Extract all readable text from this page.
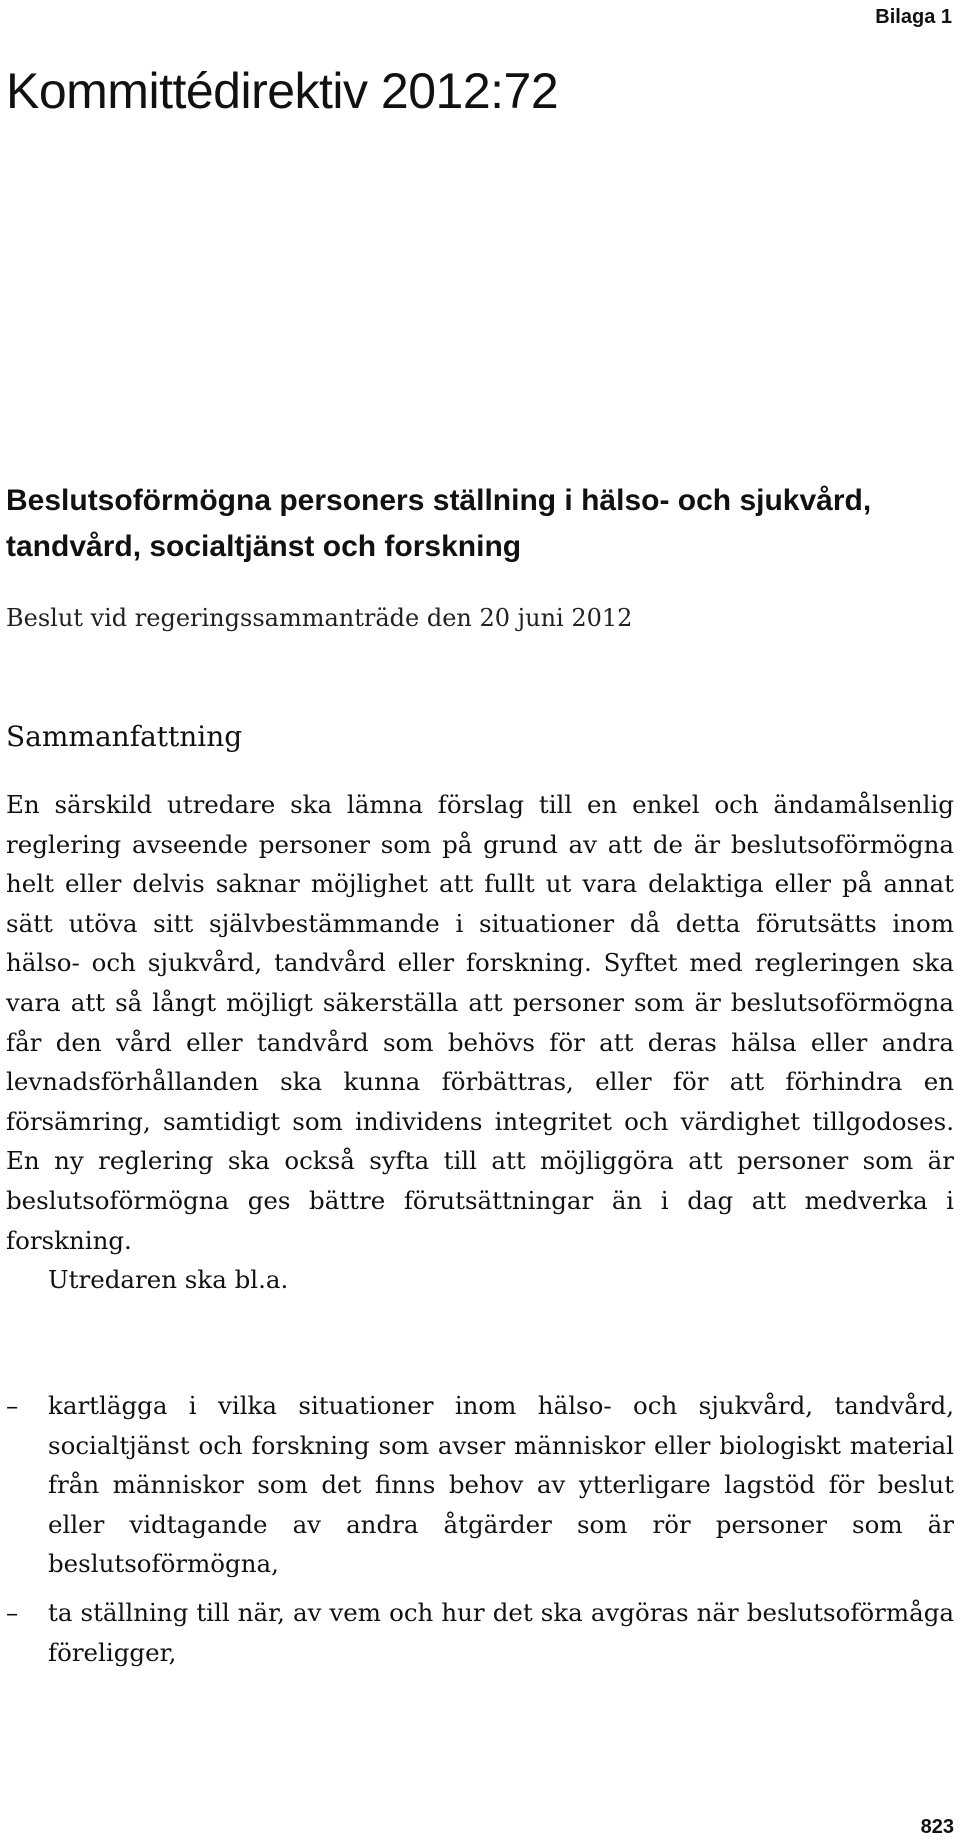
Bilaga 1
Kommittédirektiv 2012:72
Beslutsoförmögna personers ställning i hälso- och sjukvård, tandvård, socialtjänst och forskning

Beslut vid regeringssammanträde den 20 juni 2012

Sammanfattning

En särskild utredare ska lämna förslag till en enkel och ändamålsenlig reglering avseende personer som på grund av att de är beslutsoförmögna helt eller delvis saknar möjlighet att fullt ut vara delaktiga eller på annat sätt utöva sitt självbestämmande i situationer då detta förutsätts inom hälso- och sjukvård, tandvård eller forskning. Syftet med regleringen ska vara att så långt möjligt säkerställa att personer som är beslutsoförmögna får den vård eller tandvård som behövs för att deras hälsa eller andra levnadsförhållanden ska kunna förbättras, eller för att förhindra en försämring, samtidigt som individens integritet och värdighet tillgodoses. En ny reglering ska också syfta till att möjliggöra att personer som är beslutsoförmögna ges bättre förutsättningar än i dag att medverka i forskning.

Utredaren ska bl.a.

– kartlägga i vilka situationer inom hälso- och sjukvård, tandvård, socialtjänst och forskning som avser människor eller biologiskt material från människor som det finns behov av ytterligare lagstöd för beslut eller vidtagande av andra åtgärder som rör personer som är beslutsoförmögna,
– ta ställning till när, av vem och hur det ska avgöras när beslutsoförmåga föreligger,
823
